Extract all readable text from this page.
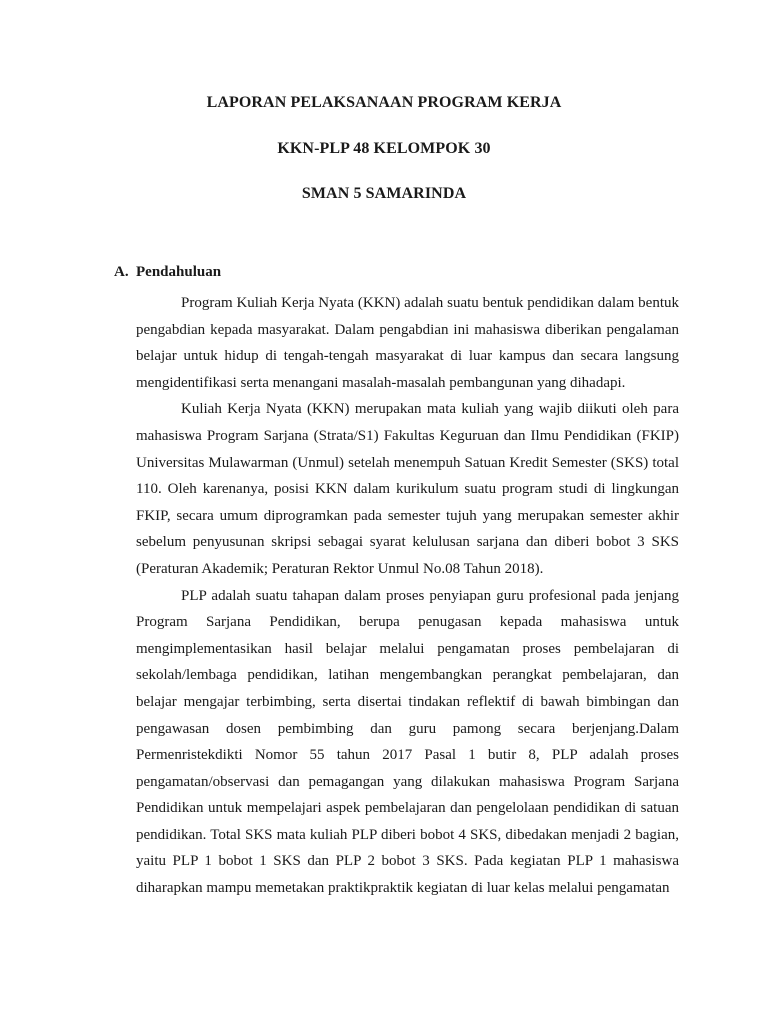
LAPORAN PELAKSANAAN PROGRAM KERJA
KKN-PLP 48 KELOMPOK 30
SMAN 5 SAMARINDA
A. Pendahuluan

Program Kuliah Kerja Nyata (KKN) adalah suatu bentuk pendidikan dalam bentuk pengabdian kepada masyarakat. Dalam pengabdian ini mahasiswa diberikan pengalaman belajar untuk hidup di tengah-tengah masyarakat di luar kampus dan secara langsung mengidentifikasi serta menangani masalah-masalah pembangunan yang dihadapi.

Kuliah Kerja Nyata (KKN) merupakan mata kuliah yang wajib diikuti oleh para mahasiswa Program Sarjana (Strata/S1) Fakultas Keguruan dan Ilmu Pendidikan (FKIP) Universitas Mulawarman (Unmul) setelah menempuh Satuan Kredit Semester (SKS) total 110. Oleh karenanya, posisi KKN dalam kurikulum suatu program studi di lingkungan FKIP, secara umum diprogramkan pada semester tujuh yang merupakan semester akhir sebelum penyusunan skripsi sebagai syarat kelulusan sarjana dan diberi bobot 3 SKS (Peraturan Akademik; Peraturan Rektor Unmul No.08 Tahun 2018).

PLP adalah suatu tahapan dalam proses penyiapan guru profesional pada jenjang Program Sarjana Pendidikan, berupa penugasan kepada mahasiswa untuk mengimplementasikan hasil belajar melalui pengamatan proses pembelajaran di sekolah/lembaga pendidikan, latihan mengembangkan perangkat pembelajaran, dan belajar mengajar terbimbing, serta disertai tindakan reflektif di bawah bimbingan dan pengawasan dosen pembimbing dan guru pamong secara berjenjang.Dalam Permenristekdikti Nomor 55 tahun 2017 Pasal 1 butir 8, PLP adalah proses pengamatan/observasi dan pemagangan yang dilakukan mahasiswa Program Sarjana Pendidikan untuk mempelajari aspek pembelajaran dan pengelolaan pendidikan di satuan pendidikan. Total SKS mata kuliah PLP diberi bobot 4 SKS, dibedakan menjadi 2 bagian, yaitu PLP 1 bobot 1 SKS dan PLP 2 bobot 3 SKS. Pada kegiatan PLP 1 mahasiswa diharapkan mampu memetakan praktikpraktik kegiatan di luar kelas melalui pengamatan
